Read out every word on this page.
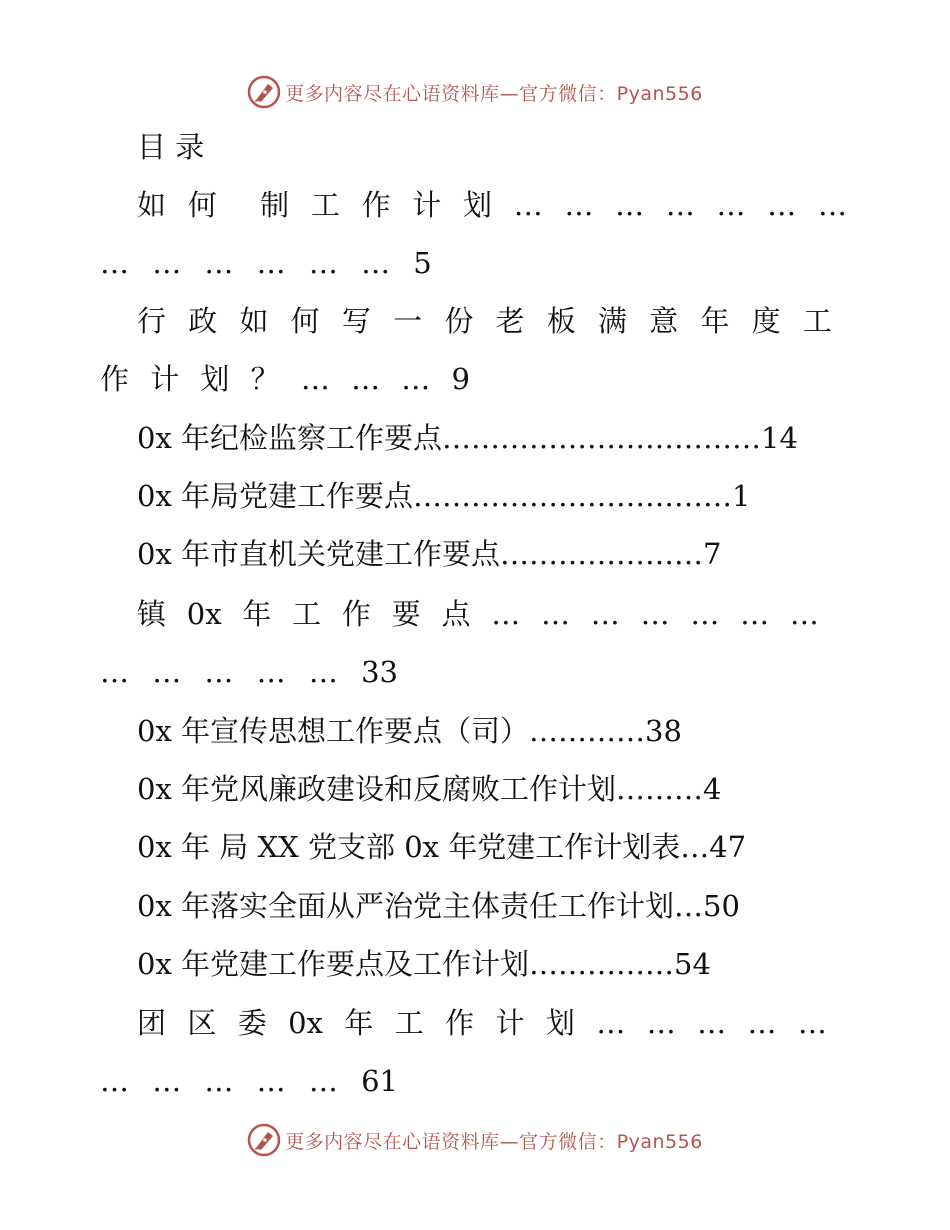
更多内容尽在心语资料库—官方微信：Pyan556
目 录
如 何 制 工 作 计 划 … … … … … … …
… … … … … … 5
行 政 如 何 写 一 份 老 板 满 意 年 度 工
作 计 划 ？ … … … 9
0x 年纪检监察工作要点……………………………14
0x 年局党建工作要点……………………………1
0x 年市直机关党建工作要点…………………7
镇 0x 年 工 作 要 点 … … … … … … …
… … … … … 33
0x 年宣传思想工作要点（司）…………38
0x 年党风廉政建设和反腐败工作计划………4
0x 年 局 XX 党支部 0x 年党建工作计划表…47
0x 年落实全面从严治党主体责任工作计划…50
0x 年党建工作要点及工作计划……………54
团 区 委 0x 年 工 作 计 划 … … … … …
… … … … … 61
更多内容尽在心语资料库—官方微信：Pyan556
